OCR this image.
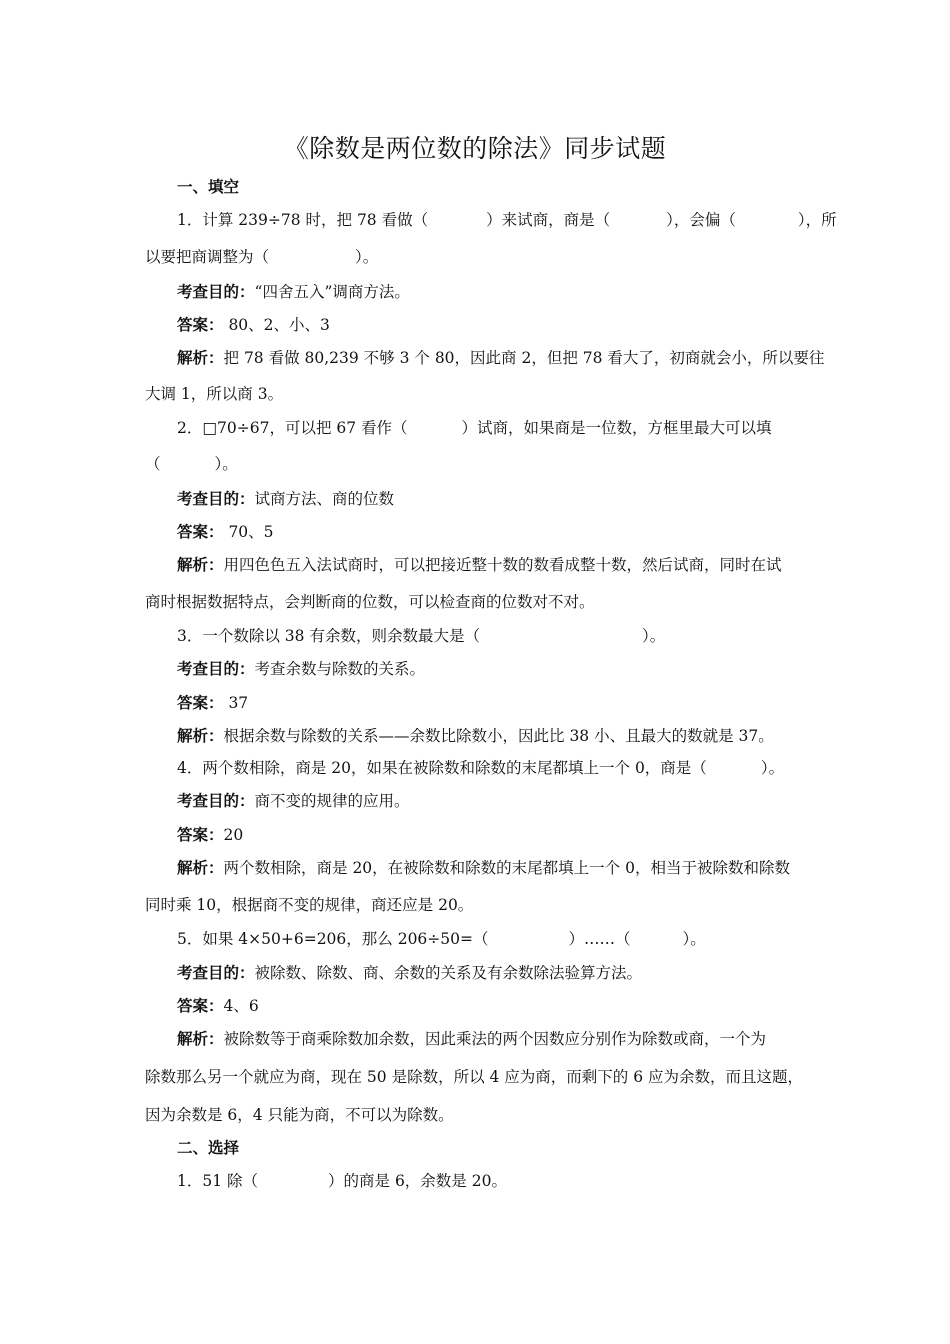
《除数是两位数的除法》同步试题
一、填空
1．计算 239÷78 时，把 78 看做（	）来试商，商是（	），会偏（	），所
以要把商调整为（	）。
考查目的：“四舍五入”调商方法。
答案： 80、2、小、3
解析：把 78 看做 80,239 不够 3 个 80，因此商 2，但把 78 看大了，初商就会小，所以要往
大调 1，所以商 3。
2．□70÷67，可以把 67 看作（	）试商，如果商是一位数，方框里最大可以填
（	）。
考查目的：试商方法、商的位数
答案： 70、5
解析：用四色色五入法试商时，可以把接近整十数的数看成整十数，然后试商，同时在试
商时根据数据特点，会判断商的位数，可以检查商的位数对不对。
3．一个数除以 38 有余数，则余数最大是（	）。
考查目的：考查余数与除数的关系。
答案： 37
解析：根据余数与除数的关系——余数比除数小，因此比 38 小、且最大的数就是 37。
4．两个数相除，商是 20，如果在被除数和除数的末尾都填上一个 0，商是（	）。
考查目的：商不变的规律的应用。
答案：20
解析：两个数相除，商是 20，在被除数和除数的末尾都填上一个 0，相当于被除数和除数
同时乘 10，根据商不变的规律，商还应是 20。
5．如果 4×50+6=206，那么 206÷50=（	）……（	）。
考查目的：被除数、除数、商、余数的关系及有余数除法验算方法。
答案：4、6
解析：被除数等于商乘除数加余数，因此乘法的两个因数应分别作为除数或商，一个为
除数那么另一个就应为商，现在 50 是除数，所以 4 应为商，而剩下的 6 应为余数，而且这题，
因为余数是 6，4 只能为商，不可以为除数。
二、选择
1．51 除（	）的商是 6，余数是 20。
